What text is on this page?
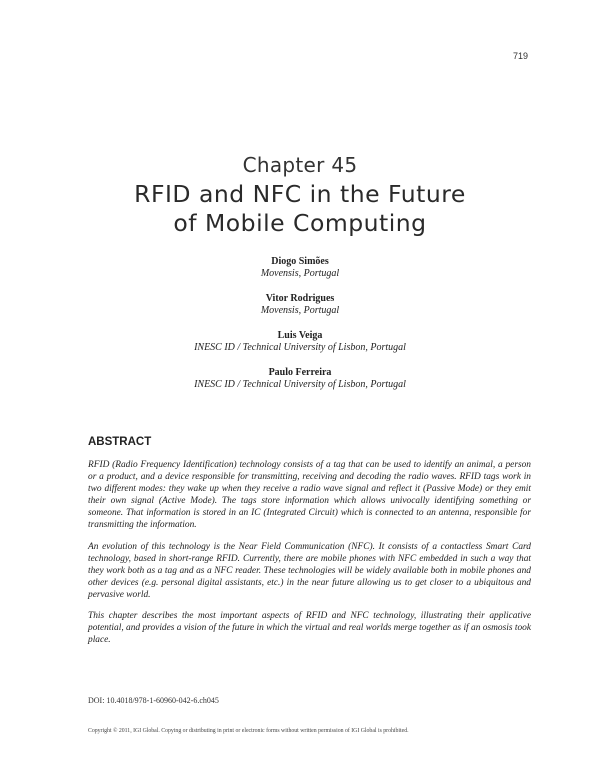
719
Chapter 45
RFID and NFC in the Future
of Mobile Computing
Diogo Simões
Movensis, Portugal
Vitor Rodrigues
Movensis, Portugal
Luis Veiga
INESC ID / Technical University of Lisbon, Portugal
Paulo Ferreira
INESC ID / Technical University of Lisbon, Portugal
ABSTRACT

RFID (Radio Frequency Identification) technology consists of a tag that can be used to identify an animal, a person or a product, and a device responsible for transmitting, receiving and decoding the radio waves. RFID tags work in two different modes: they wake up when they receive a radio wave signal and reflect it (Passive Mode) or they emit their own signal (Active Mode). The tags store information which allows univocally identifying something or someone. That information is stored in an IC (Integrated Circuit) which is connected to an antenna, responsible for transmitting the information.

An evolution of this technology is the Near Field Communication (NFC). It consists of a contactless Smart Card technology, based in short-range RFID. Currently, there are mobile phones with NFC embedded in such a way that they work both as a tag and as a NFC reader. These technologies will be widely available both in mobile phones and other devices (e.g. personal digital assistants, etc.) in the near future allowing us to get closer to a ubiquitous and pervasive world.

This chapter describes the most important aspects of RFID and NFC technology, illustrating their applicative potential, and provides a vision of the future in which the virtual and real worlds merge together as if an osmosis took place.

DOI: 10.4018/978-1-60960-042-6.ch045
Copyright © 2011, IGI Global. Copying or distributing in print or electronic forms without written permission of IGI Global is prohibited.
